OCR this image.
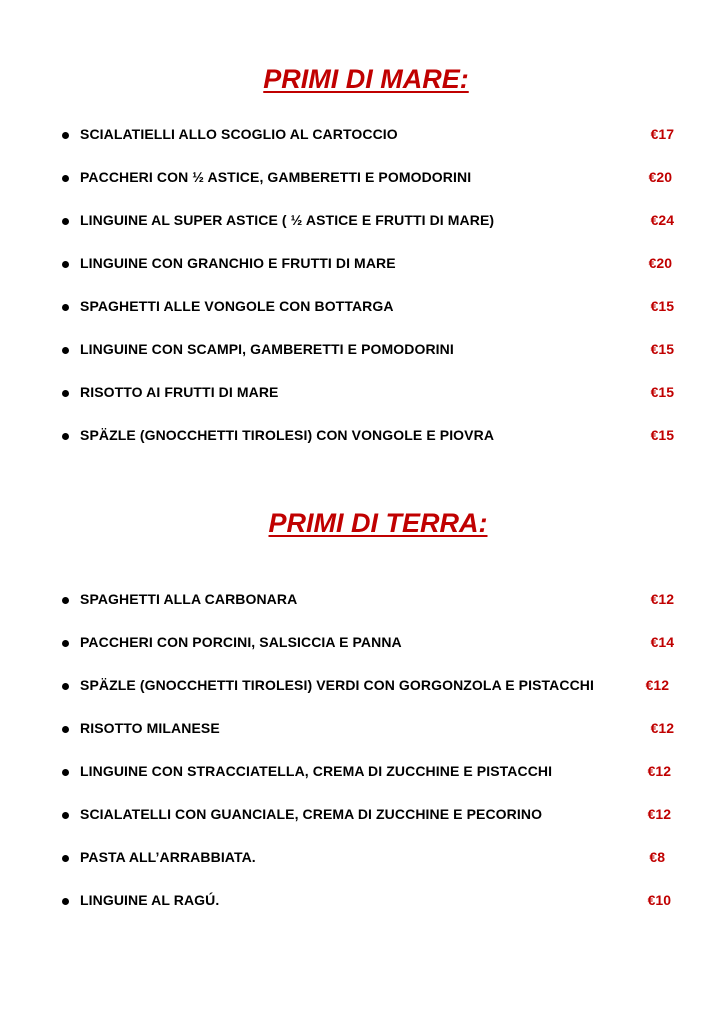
PRIMI DI MARE:
SCIALATIELLI ALLO SCOGLIO AL CARTOCCIO	€17
PACCHERI CON ½ ASTICE, GAMBERETTI E POMODORINI	€20
LINGUINE AL SUPER ASTICE ( ½ ASTICE E FRUTTI DI MARE)	€24
LINGUINE CON GRANCHIO E FRUTTI DI MARE	€20
SPAGHETTI ALLE VONGOLE CON BOTTARGA	€15
LINGUINE CON SCAMPI, GAMBERETTI E POMODORINI	€15
RISOTTO AI FRUTTI DI MARE	€15
SPÄZLE (GNOCCHETTI TIROLESI) CON VONGOLE E PIOVRA	€15
PRIMI DI TERRA:
SPAGHETTI ALLA CARBONARA	€12
PACCHERI CON PORCINI, SALSICCIA E PANNA	€14
SPÄZLE (GNOCCHETTI TIROLESI) VERDI CON GORGONZOLA E PISTACCHI	€12
RISOTTO MILANESE	€12
LINGUINE CON STRACCIATELLA, CREMA DI ZUCCHINE E PISTACCHI	€12
SCIALATELLI CON GUANCIALE, CREMA DI ZUCCHINE E PECORINO	€12
PASTA ALL’ARRABBIATA.	€8
LINGUINE AL RAGÚ.	€10
